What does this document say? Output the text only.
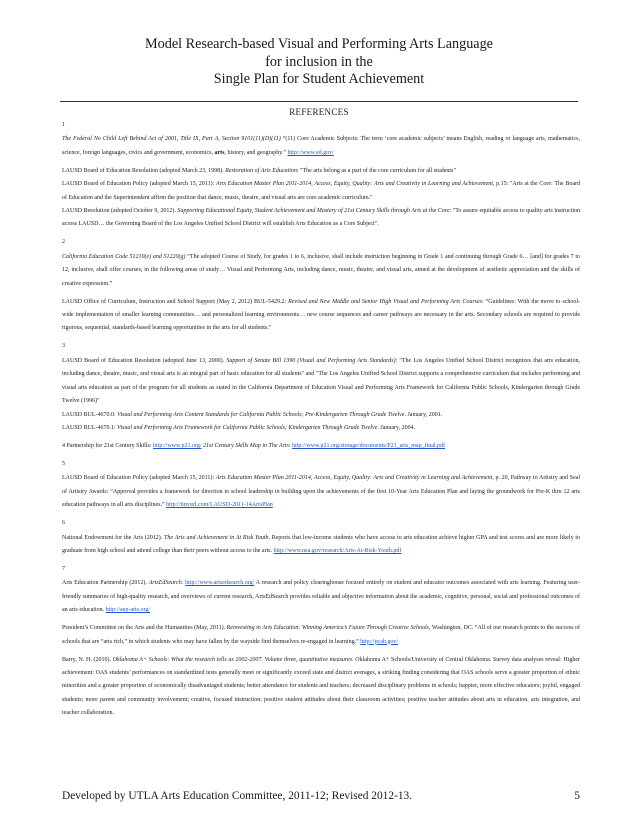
Model Research-based Visual and Performing Arts Language
for inclusion in the
Single Plan for Student Achievement
REFERENCES

1

The Federal No Child Left Behind Act of 2001, Title IX, Part A, Section 9101(11)(D)(11) “(11) Core Academic Subjects: The term ‘core academic subjects’ means English, reading or language arts, mathematics, science, foreign languages, civics and government, economics, arts, history, and geography.” http://www.ed.gov/

LAUSD Board of Education Resolution (adopted March 23, 1998). Restoration of Arts Education: "The arts belong as a part of the core curriculum for all students"

LAUSD Board of Education Policy (adopted March 15, 2011): Arts Education Master Plan 2011-2014, Access, Equity, Quality: Arts and Creativity in Learning and Achievement, p.15: "Arts at the Core: The Board of Education and the Superintendent affirm the position that dance, music, theatre, and visual arts are core academic curriculum."

LAUSD Resolution (adopted October 9, 2012). Supporting Educational Equity, Student Achievement and Mastery of 21st Century Skills through Arts at the Core: "To assure equitable access to quality arts instruction across LAUSD… the Governing Board of the Los Angeles Unified School District will establish Arts Education as a Core Subject".

2

California Education Code 51210(e) and 51220(g) “The adopted Course of Study, for grades 1 to 6, inclusive, shall include instruction beginning in Grade 1 and continuing through Grade 6… [and] for grades 7 to 12, inclusive, shall offer courses, in the following areas of study… Visual and Performing Arts, including dance, music, theatre, and visual arts, aimed at the development of aesthetic appreciation and the skills of creative expression.”

LAUSD Office of Curriculum, Instruction and School Support (May 2, 2012) BUL-5429.2: Revised and New Middle and Senior High Visual and Performing Arts Courses: “Guidelines: With the move to school-wide implementation of smaller learning communities… and personalized learning environments… new course sequences and career pathways are necessary in the arts. Secondary schools are required to provide rigorous, sequential, standards-based learning opportunities in the arts for all students."

3

LAUSD Board of Education Resolution (adopted June 13, 2000). Support of Senate Bill 1390 (Visual and Performing Arts Standards): "The Los Angeles Unified School District recognizes that arts education, including dance, theatre, music, and visual arts is an integral part of basic education for all students" and "The Los Angeles Unified School District supports a comprehensive curriculum that includes performing and visual arts education as part of the program for all students as stated in the California Department of Education Visual and Performing Arts Framework for California Public Schools, Kindergarten through Grade Twelve (1996)"

LAUSD BUL-4670.0: Visual and Performing Arts Content Standards for California Public Schools; Pre-Kindergarten Through Grade Twelve. January, 2001.

LAUSD BUL-4670.1: Visual and Performing Arts Framework for California Public Schools; Kindergarten Through Grade Twelve. January, 2004.

4 Partnership for 21st Century Skills: http://www.p21.org/ 21st Century Skills Map in The Arts: http://www.p21.org/storage/documents/P21_arts_map_final.pdf

5

LAUSD Board of Education Policy (adopted March 15, 2011): Arts Education Master Plan 2011-2014, Access, Equity, Quality: Arts and Creativity in Learning and Achievement, p. 20, Pathway to Artistry and Seal of Artistry Awards: “Approval provides a framework for direction to school leadership in building upon the achievements of the first 10-Year Arts Education Plan and laying the groundwork for Pre-K thru 12 arts education pathways in all arts disciplines.” http://tinyurl.com/LAUSD-2011-14ArtsPlan

6

National Endowment for the Arts (2012). The Arts and Achievement in At Risk Youth. Reports that low-income students who have access to arts education achieve higher GPA and test scores and are more likely to graduate from high school and attend college than their peers without access to the arts. http://www.nea.gov/research/Arts-At-Risk-Youth.pdf

7

Arts Education Partnership (2012). ArtsEdSearch. http://www.artsedsearch.org/ A research and policy clearinghouse focused entirely on student and educator outcomes associated with arts learning. Featuring user-friendly summaries of high-quality research, and overviews of current research, ArtsEdSearch provides reliable and objective information about the academic, cognitive, personal, social and professional outcomes of an arts education. http://aep-arts.org/

President’s Committee on the Arts and the Humanities (May, 2011). Reinvesting in Arts Education: Winning America’s Future Through Creative Schools, Washington, DC. “All of our research points to the success of schools that are “arts rich,” in which students who may have fallen by the wayside find themselves re-engaged in learning.” http://pcah.gov/

Barry, N. H. (2010). Oklahoma A+ Schools: What the research tells us 2002-2007. Volume three, quantitative measures. Oklahoma A+ Schools/University of Central Oklahoma. Survey data analyses reveal: Higher achievement: OAS students’ performances on standardized tests generally meet or significantly exceed state and district averages, a striking finding considering that OAS schools serve a greater proportion of ethnic minorities and a greater proportion of economically disadvantaged students; better attendance for students and teachers; decreased disciplinary problems in schools; happier, more effective educators; joyful, engaged students; more parent and community involvement; creative, focused instruction; positive student attitudes about their classroom activities; positive teacher attitudes about arts in education, arts integration, and teacher collaboration.

Developed by UTLA Arts Education Committee, 2011-12; Revised 2012-13.	5
